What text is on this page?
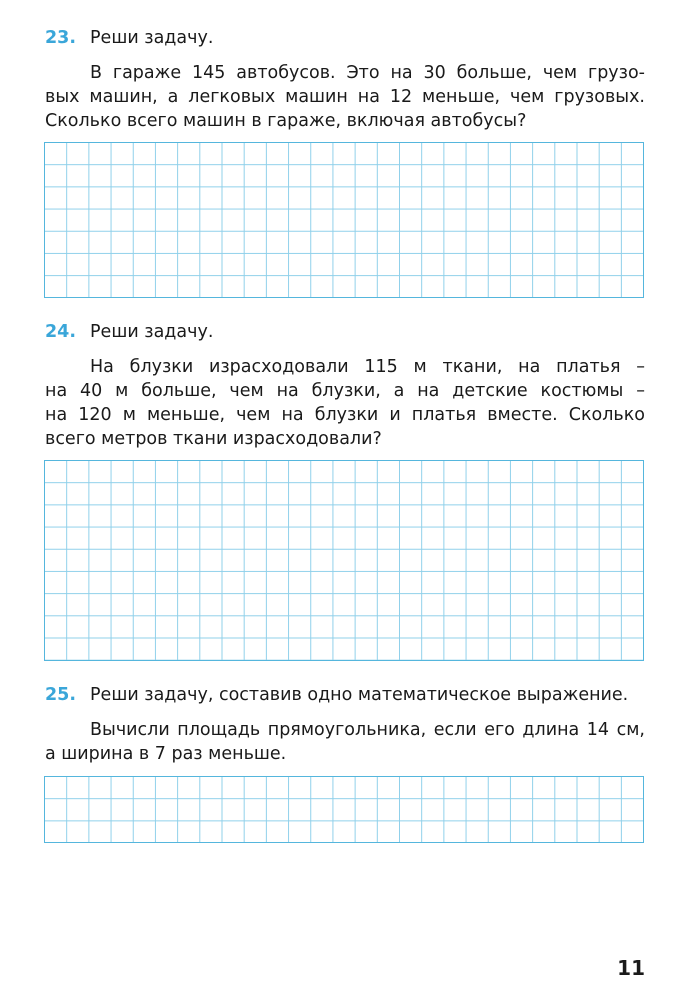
23. Реши задачу.
В гараже 145 автобусов. Это на 30 больше, чем грузо-
вых машин, а легковых машин на 12 меньше, чем грузовых.
Сколько всего машин в гараже, включая автобусы?
24. Реши задачу.
На блузки израсходовали 115 м ткани, на платья –
на 40 м больше, чем на блузки, а на детские костюмы –
на 120 м меньше, чем на блузки и платья вместе. Сколько
всего метров ткани израсходовали?
25. Реши задачу, составив одно математическое выражение.
Вычисли площадь прямоугольника, если его длина 14 см,
а ширина в 7 раз меньше.
11
